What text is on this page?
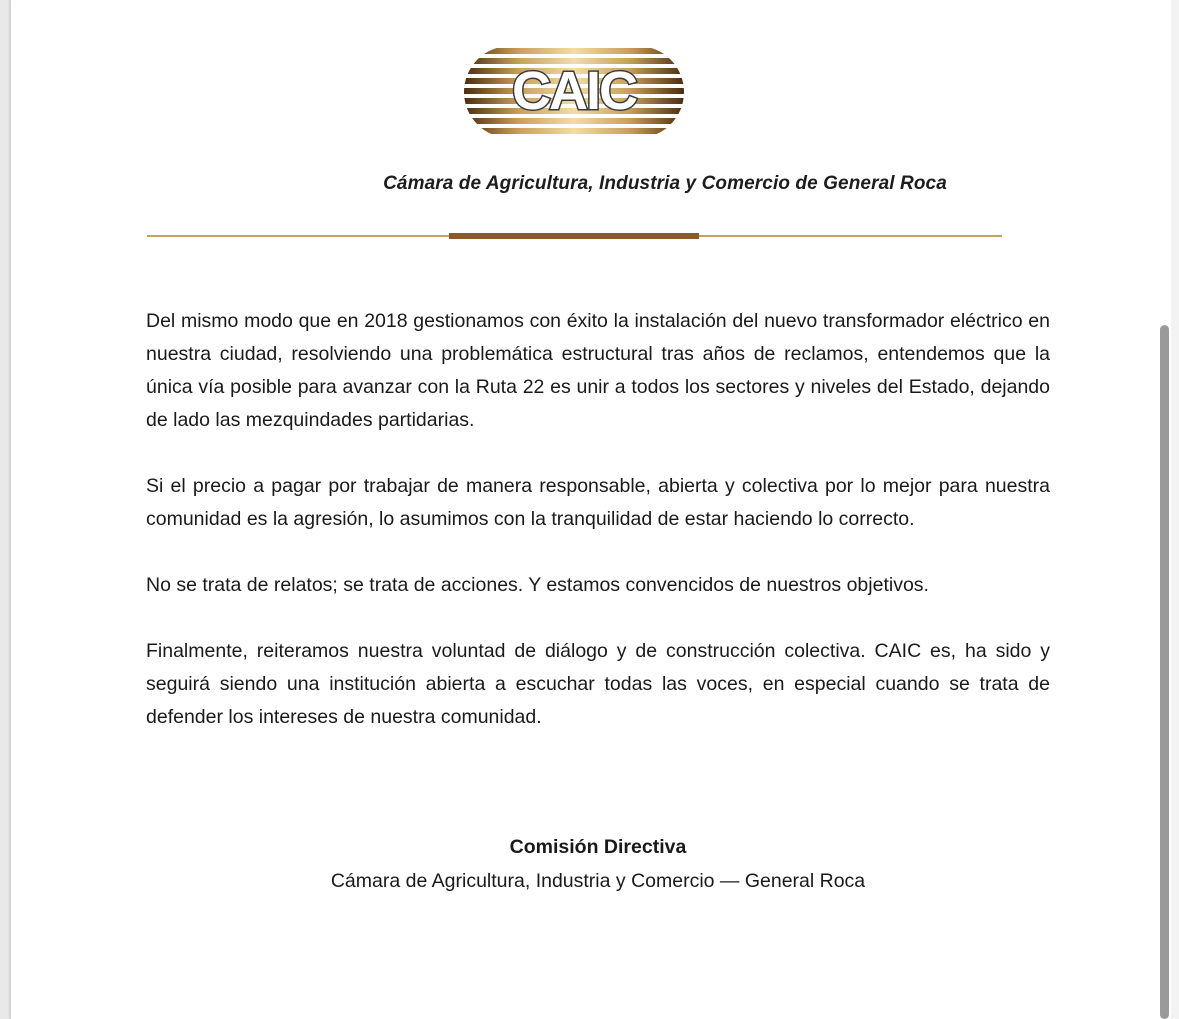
CAIC
Cámara de Agricultura, Industria y Comercio de General Roca

Del mismo modo que en 2018 gestionamos con éxito la instalación del nuevo transformador eléctrico en nuestra ciudad, resolviendo una problemática estructural tras años de reclamos, entendemos que la única vía posible para avanzar con la Ruta 22 es unir a todos los sectores y niveles del Estado, dejando de lado las mezquindades partidarias.

Si el precio a pagar por trabajar de manera responsable, abierta y colectiva por lo mejor para nuestra comunidad es la agresión, lo asumimos con la tranquilidad de estar haciendo lo correcto.

No se trata de relatos; se trata de acciones. Y estamos convencidos de nuestros objetivos.

Finalmente, reiteramos nuestra voluntad de diálogo y de construcción colectiva. CAIC es, ha sido y seguirá siendo una institución abierta a escuchar todas las voces, en especial cuando se trata de defender los intereses de nuestra comunidad.

Comisión Directiva
Cámara de Agricultura, Industria y Comercio — General Roca
